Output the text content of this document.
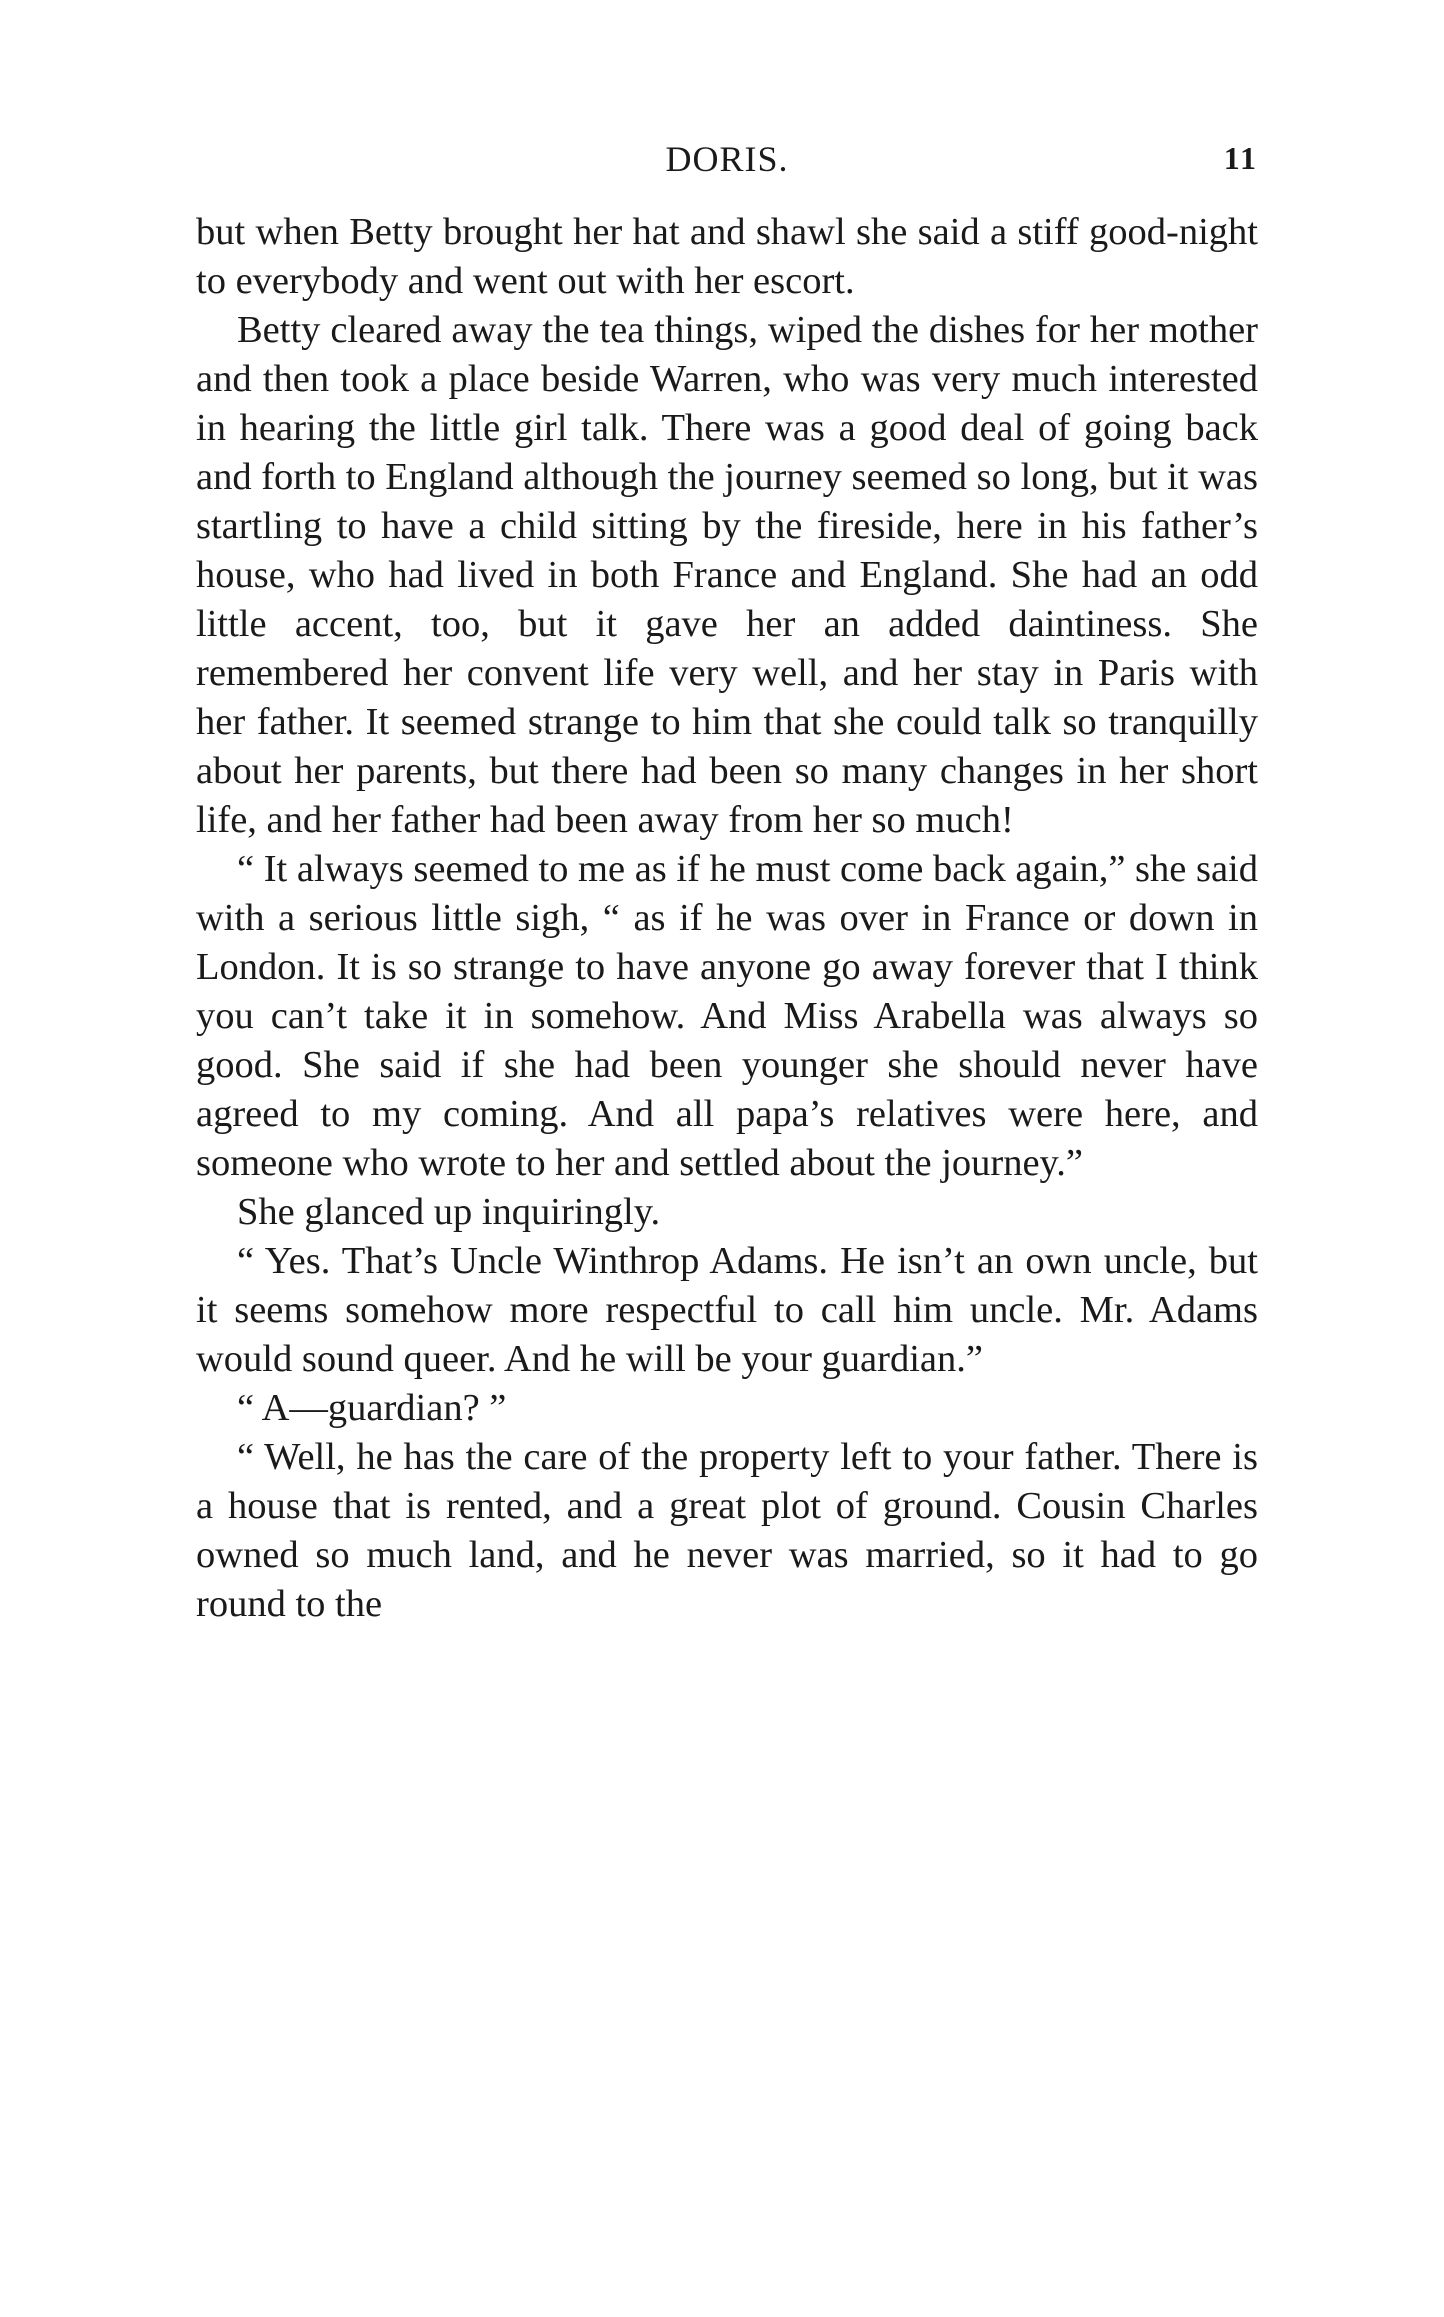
DORIS.	11

but when Betty brought her hat and shawl she said a stiff good-night to everybody and went out with her escort.

Betty cleared away the tea things, wiped the dishes for her mother and then took a place beside Warren, who was very much interested in hearing the little girl talk. There was a good deal of going back and forth to England although the journey seemed so long, but it was startling to have a child sitting by the fireside, here in his father’s house, who had lived in both France and England. She had an odd little accent, too, but it gave her an added daintiness. She remembered her convent life very well, and her stay in Paris with her father. It seemed strange to him that she could talk so tranquilly about her parents, but there had been so many changes in her short life, and her father had been away from her so much!

“ It always seemed to me as if he must come back again,” she said with a serious little sigh, “ as if he was over in France or down in London. It is so strange to have anyone go away forever that I think you can’t take it in somehow. And Miss Arabella was always so good. She said if she had been younger she should never have agreed to my coming. And all papa’s relatives were here, and someone who wrote to her and settled about the journey.”

She glanced up inquiringly.

“ Yes. That’s Uncle Winthrop Adams. He isn’t an own uncle, but it seems somehow more respectful to call him uncle. Mr. Adams would sound queer. And he will be your guardian.”

“ A—guardian? ”

“ Well, he has the care of the property left to your father. There is a house that is rented, and a great plot of ground. Cousin Charles owned so much land, and he never was married, so it had to go round to the
